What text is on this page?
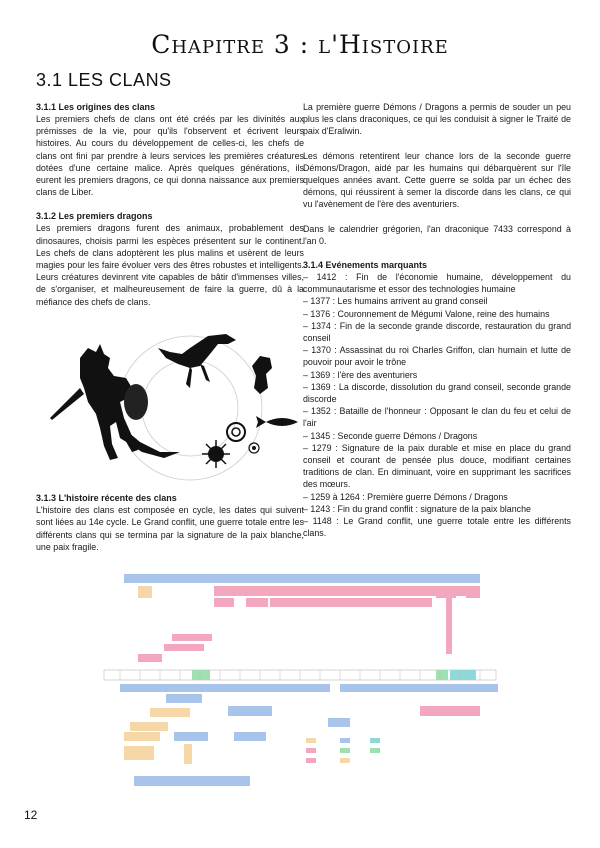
Chapitre 3 : l'Histoire
3.1 LES CLANS
3.1.1 Les origines des clans

Les premiers chefs de clans ont été créés par les divinités aux prémisses de la vie, pour qu'ils l'observent et écrivent leurs histoires. Au cours du développement de celles-ci, les chefs de clans ont fini par prendre à leurs services les premières créatures dotées d'une certaine malice. Après quelques générations, ils eurent les premiers dragons, ce qui donna naissance aux premiers clans de Liber.

3.1.2 Les premiers dragons

Les premiers dragons furent des animaux, probablement des dinosaures, choisis parmi les espèces présentent sur le continent. Les chefs de clans adoptèrent les plus malins et usèrent de leurs magies pour les faire évoluer vers des êtres robustes et intelligents. Leurs créatures devinrent vite capables de bâtir d'immenses villes, de s'organiser, et malheureusement de faire la guerre, dû à la méfiance des chefs de clans.

3.1.3 L'histoire récente des clans

L'histoire des clans est composée en cycle, les dates qui suivent sont liées au 14e cycle. Le Grand conflit, une guerre totale entre les différents clans qui se termina par la signature de la paix blanche, une paix fragile.

La première guerre Démons / Dragons a permis de souder un peu plus les clans draconiques, ce qui les conduisit à signer le Traité de paix d'Eraliwin.

Les démons retentirent leur chance lors de la seconde guerre Démons/Dragon, aidé par les humains qui débarquèrent sur l'île quelques années avant. Cette guerre se solda par un échec des démons, qui réussirent à semer la discorde dans les clans, ce qui vu l'avènement de l'ère des aventuriers.

Dans le calendrier grégorien, l'an draconique 7433 correspond à l'an 0.

3.1.4 Evénements marquants
– 1412 : Fin de l'économie humaine, développement du communautarisme et essor des technologies humaine
– 1377 : Les humains arrivent au grand conseil
– 1376 : Couronnement de Mégumi Valone, reine des humains
– 1374 : Fin de la seconde grande discorde, restauration du grand conseil
– 1370 : Assassinat du roi Charles Griffon, clan humain et lutte de pouvoir pour avoir le trône
– 1369 : l'ère des aventuriers
– 1369 : La discorde, dissolution du grand conseil, seconde grande discorde
– 1352 : Bataille de l'honneur : Opposant le clan du feu et celui de l'air
– 1345 : Seconde guerre Démons / Dragons
– 1279 : Signature de la paix durable et mise en place du grand conseil et courant de pensée plus douce, modifiant certaines traditions de clan. En diminuant, voire en supprimant les sacrifices des mœurs.
– 1259 à 1264 : Première guerre Démons / Dragons
– 1243 : Fin du grand conflit : signature de la paix blanche
– 1148 : Le Grand conflit, une guerre totale entre les différents clans.
12
